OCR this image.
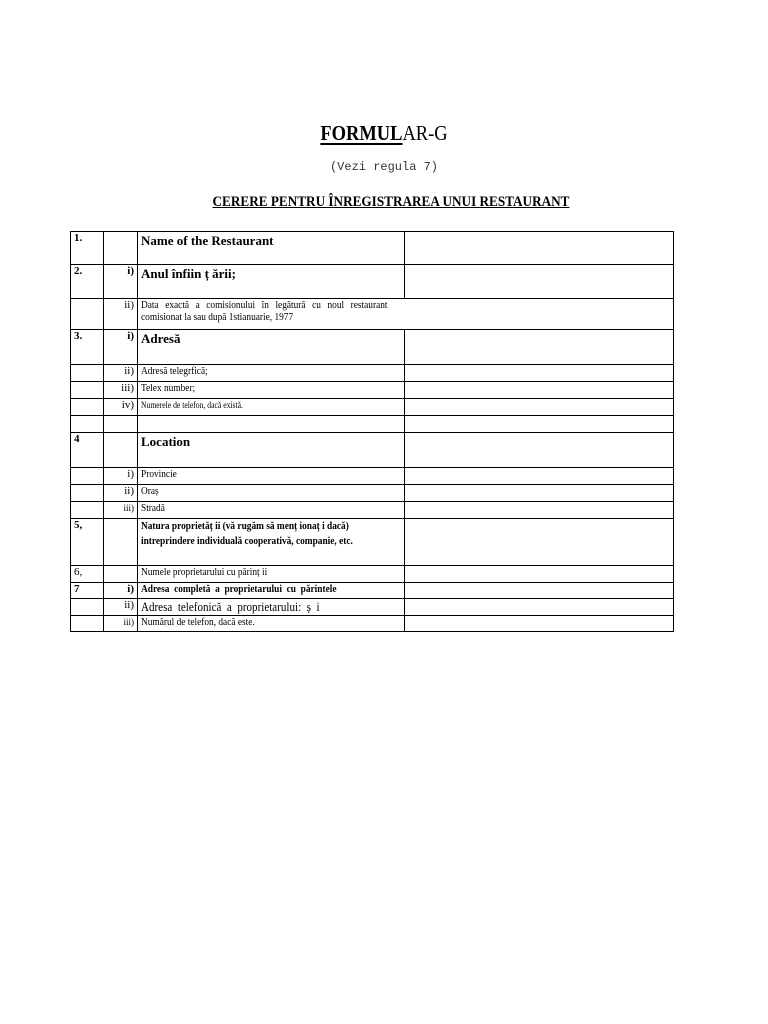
FORMULAR-G
(Vezi regula 7)
CERERE PENTRU ÎNREGISTRAREA UNUI RESTAURANT
1.		Name of the Restaurant	
2.	i)	Anul înfiin ț ării;	
	ii)	Data exactă a comisionului în legătură cu noul restaurant

comisionat la sau după 1stianuarie, 1977	
3.	i)	Adresă	
	ii)	Adresă telegrfică;	
	iii)	Telex number;	
	iv)	Numerele de telefon, dacă există.	

4		Location	
	i)	Provincie	
	ii)	Oraș	
	iii)	Stradă	
5,		Natura proprietăț ii (vă rugăm să menț ionaț i dacă)
intreprindere individuală cooperativă, companie, etc.	
6,		Numele proprietarului cu părinț ii	
7	i)	Adresa  completă  a  proprietarului  cu  părintele	
	ii)	Adresa  telefonică  a  proprietarului:  ș  i	
	iii)	Numărul de telefon, dacă este.	
